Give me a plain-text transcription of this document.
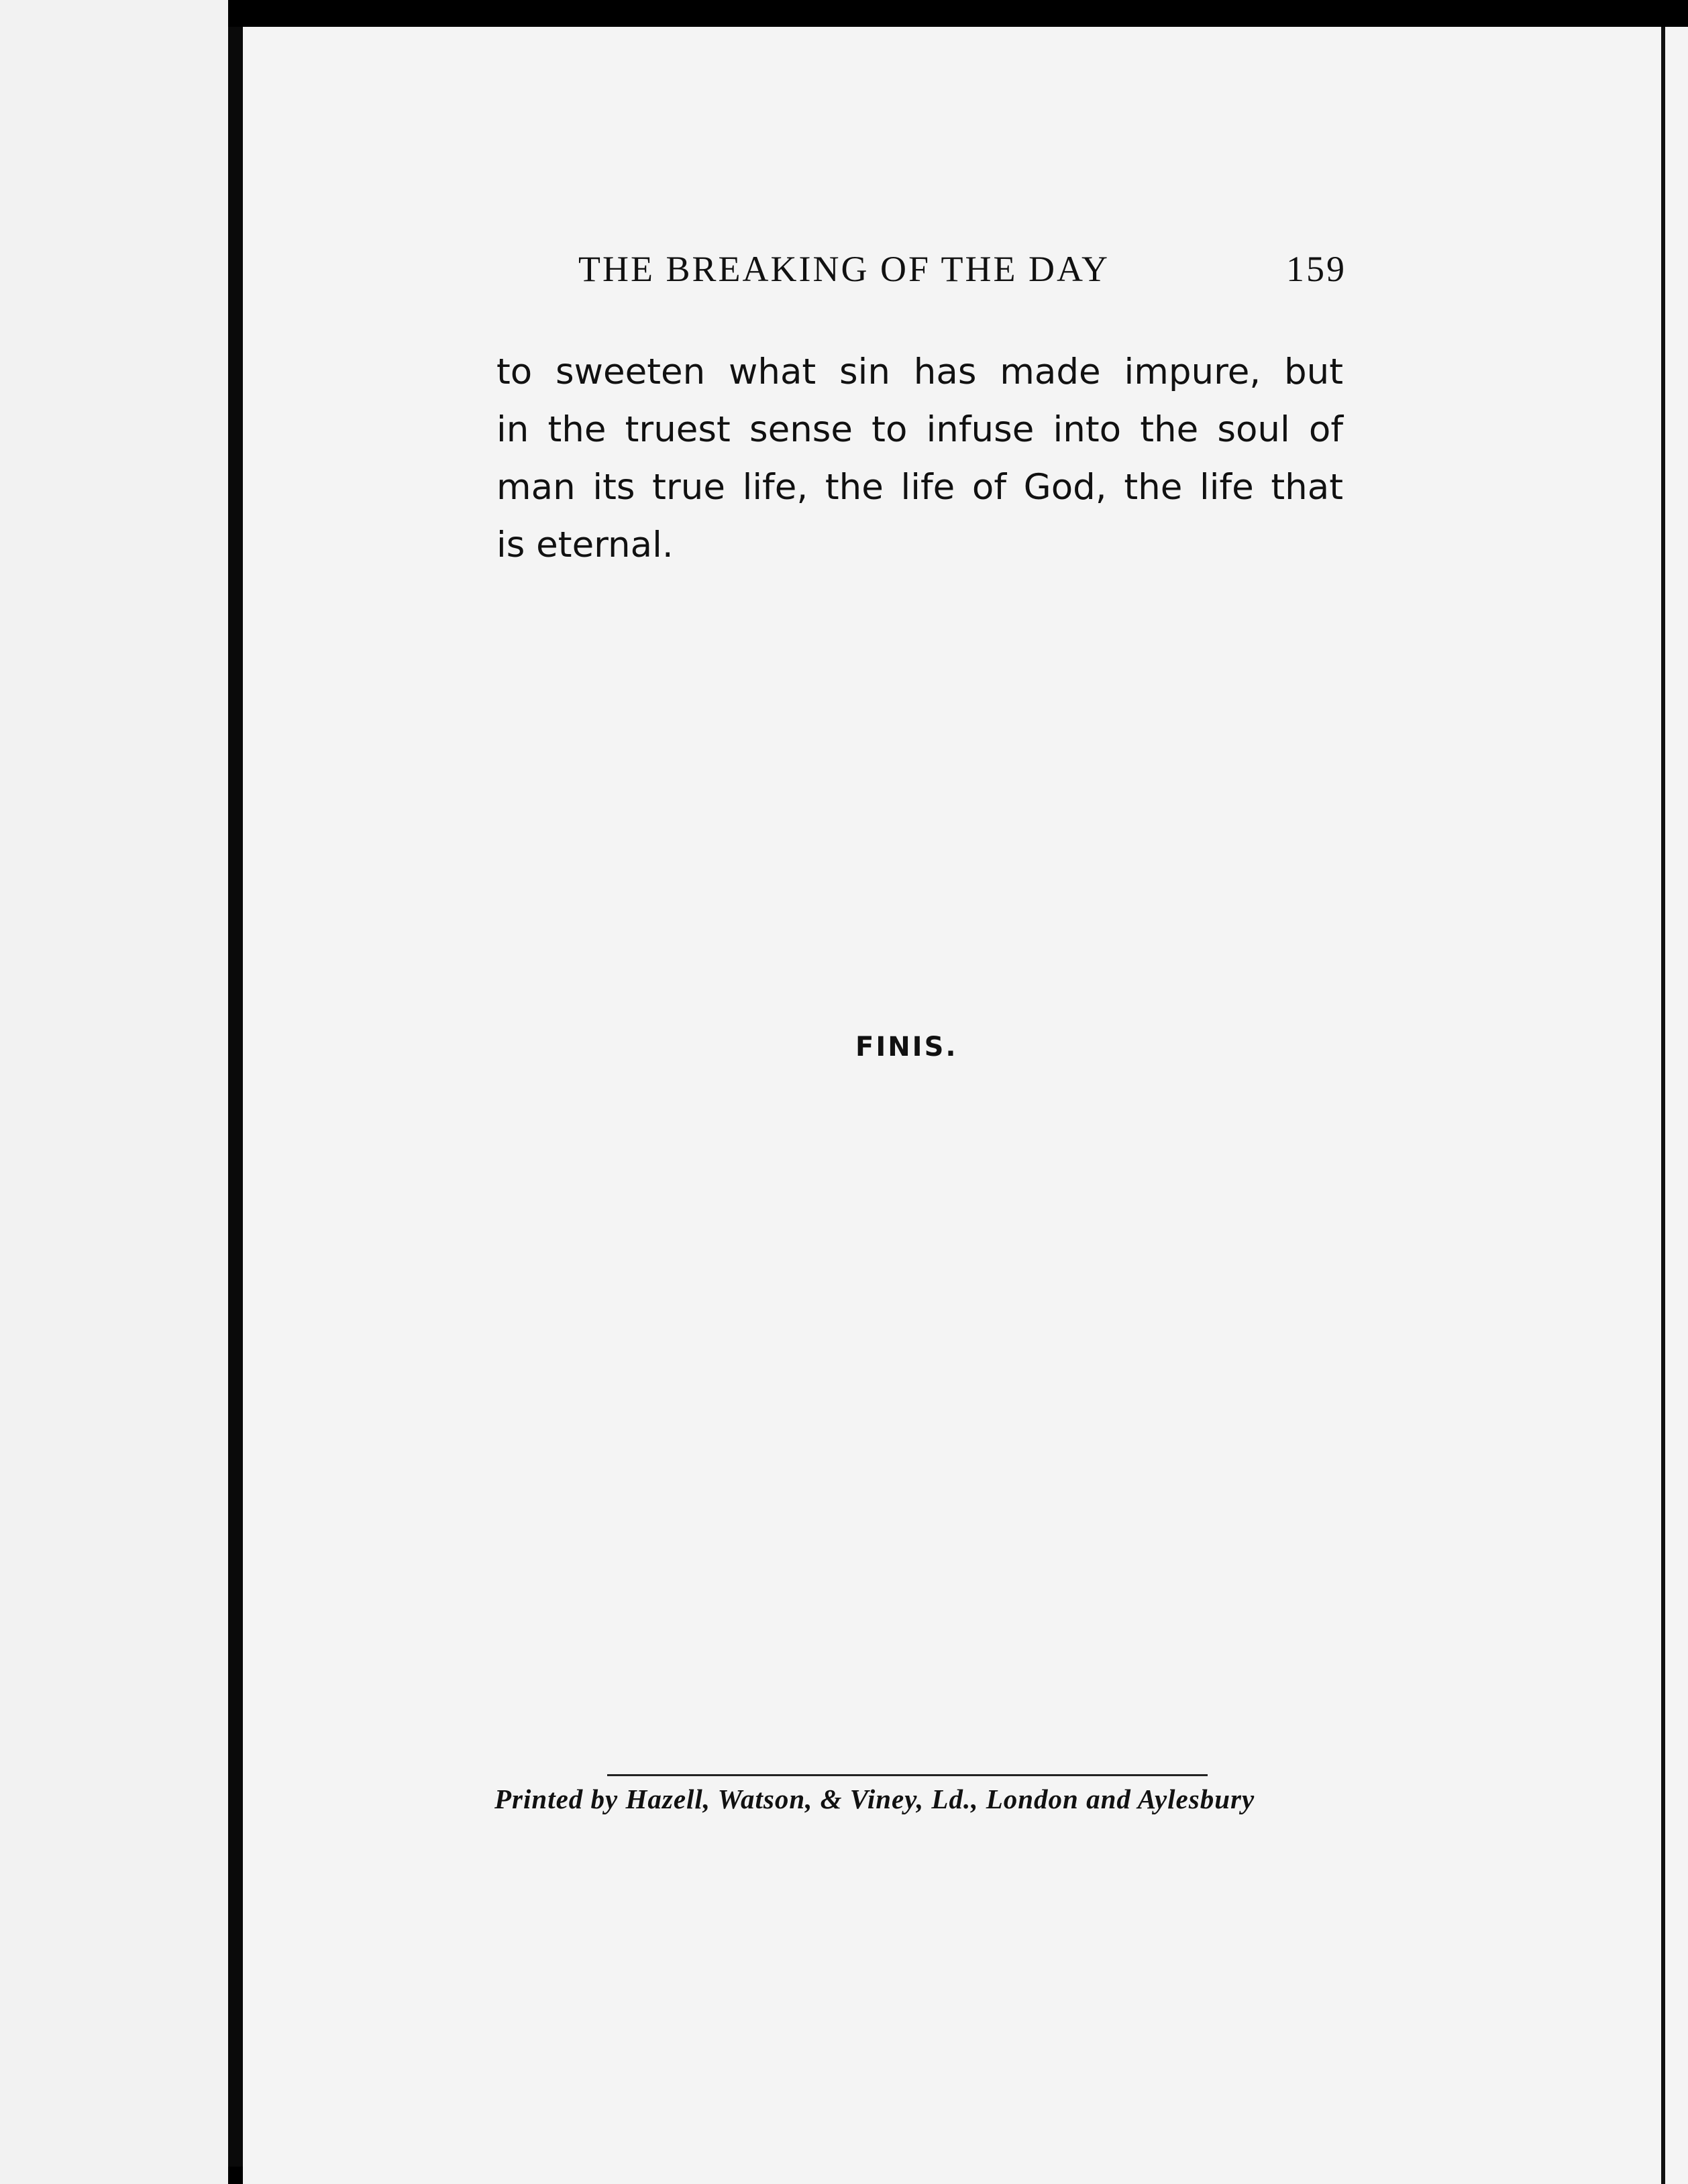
THE BREAKING OF THE DAY	159
to sweeten what sin has made impure, but
in the truest sense to infuse into the soul of
man its true life, the life of God, the life that
is eternal.
FINIS.
Printed by Hazell, Watson, & Viney, Ld., London and Aylesbury
